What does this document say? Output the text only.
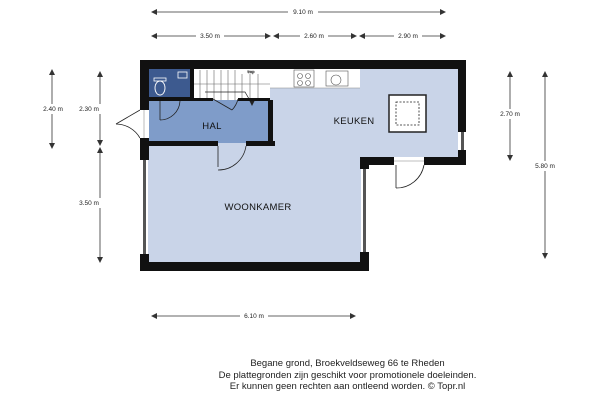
9.10 m
3.50 m	2.60 m	2.90 m
2.40 m 2.30 m
3.50 m
2.70 m
5.80 m
6.10 m
trap
HAL	KEUKEN
WOONKAMER
Begane grond, Broekveldseweg 66 te Rheden
De plattegronden zijn geschikt voor promotionele doeleinden.
Er kunnen geen rechten aan ontleend worden. © Topr.nl
